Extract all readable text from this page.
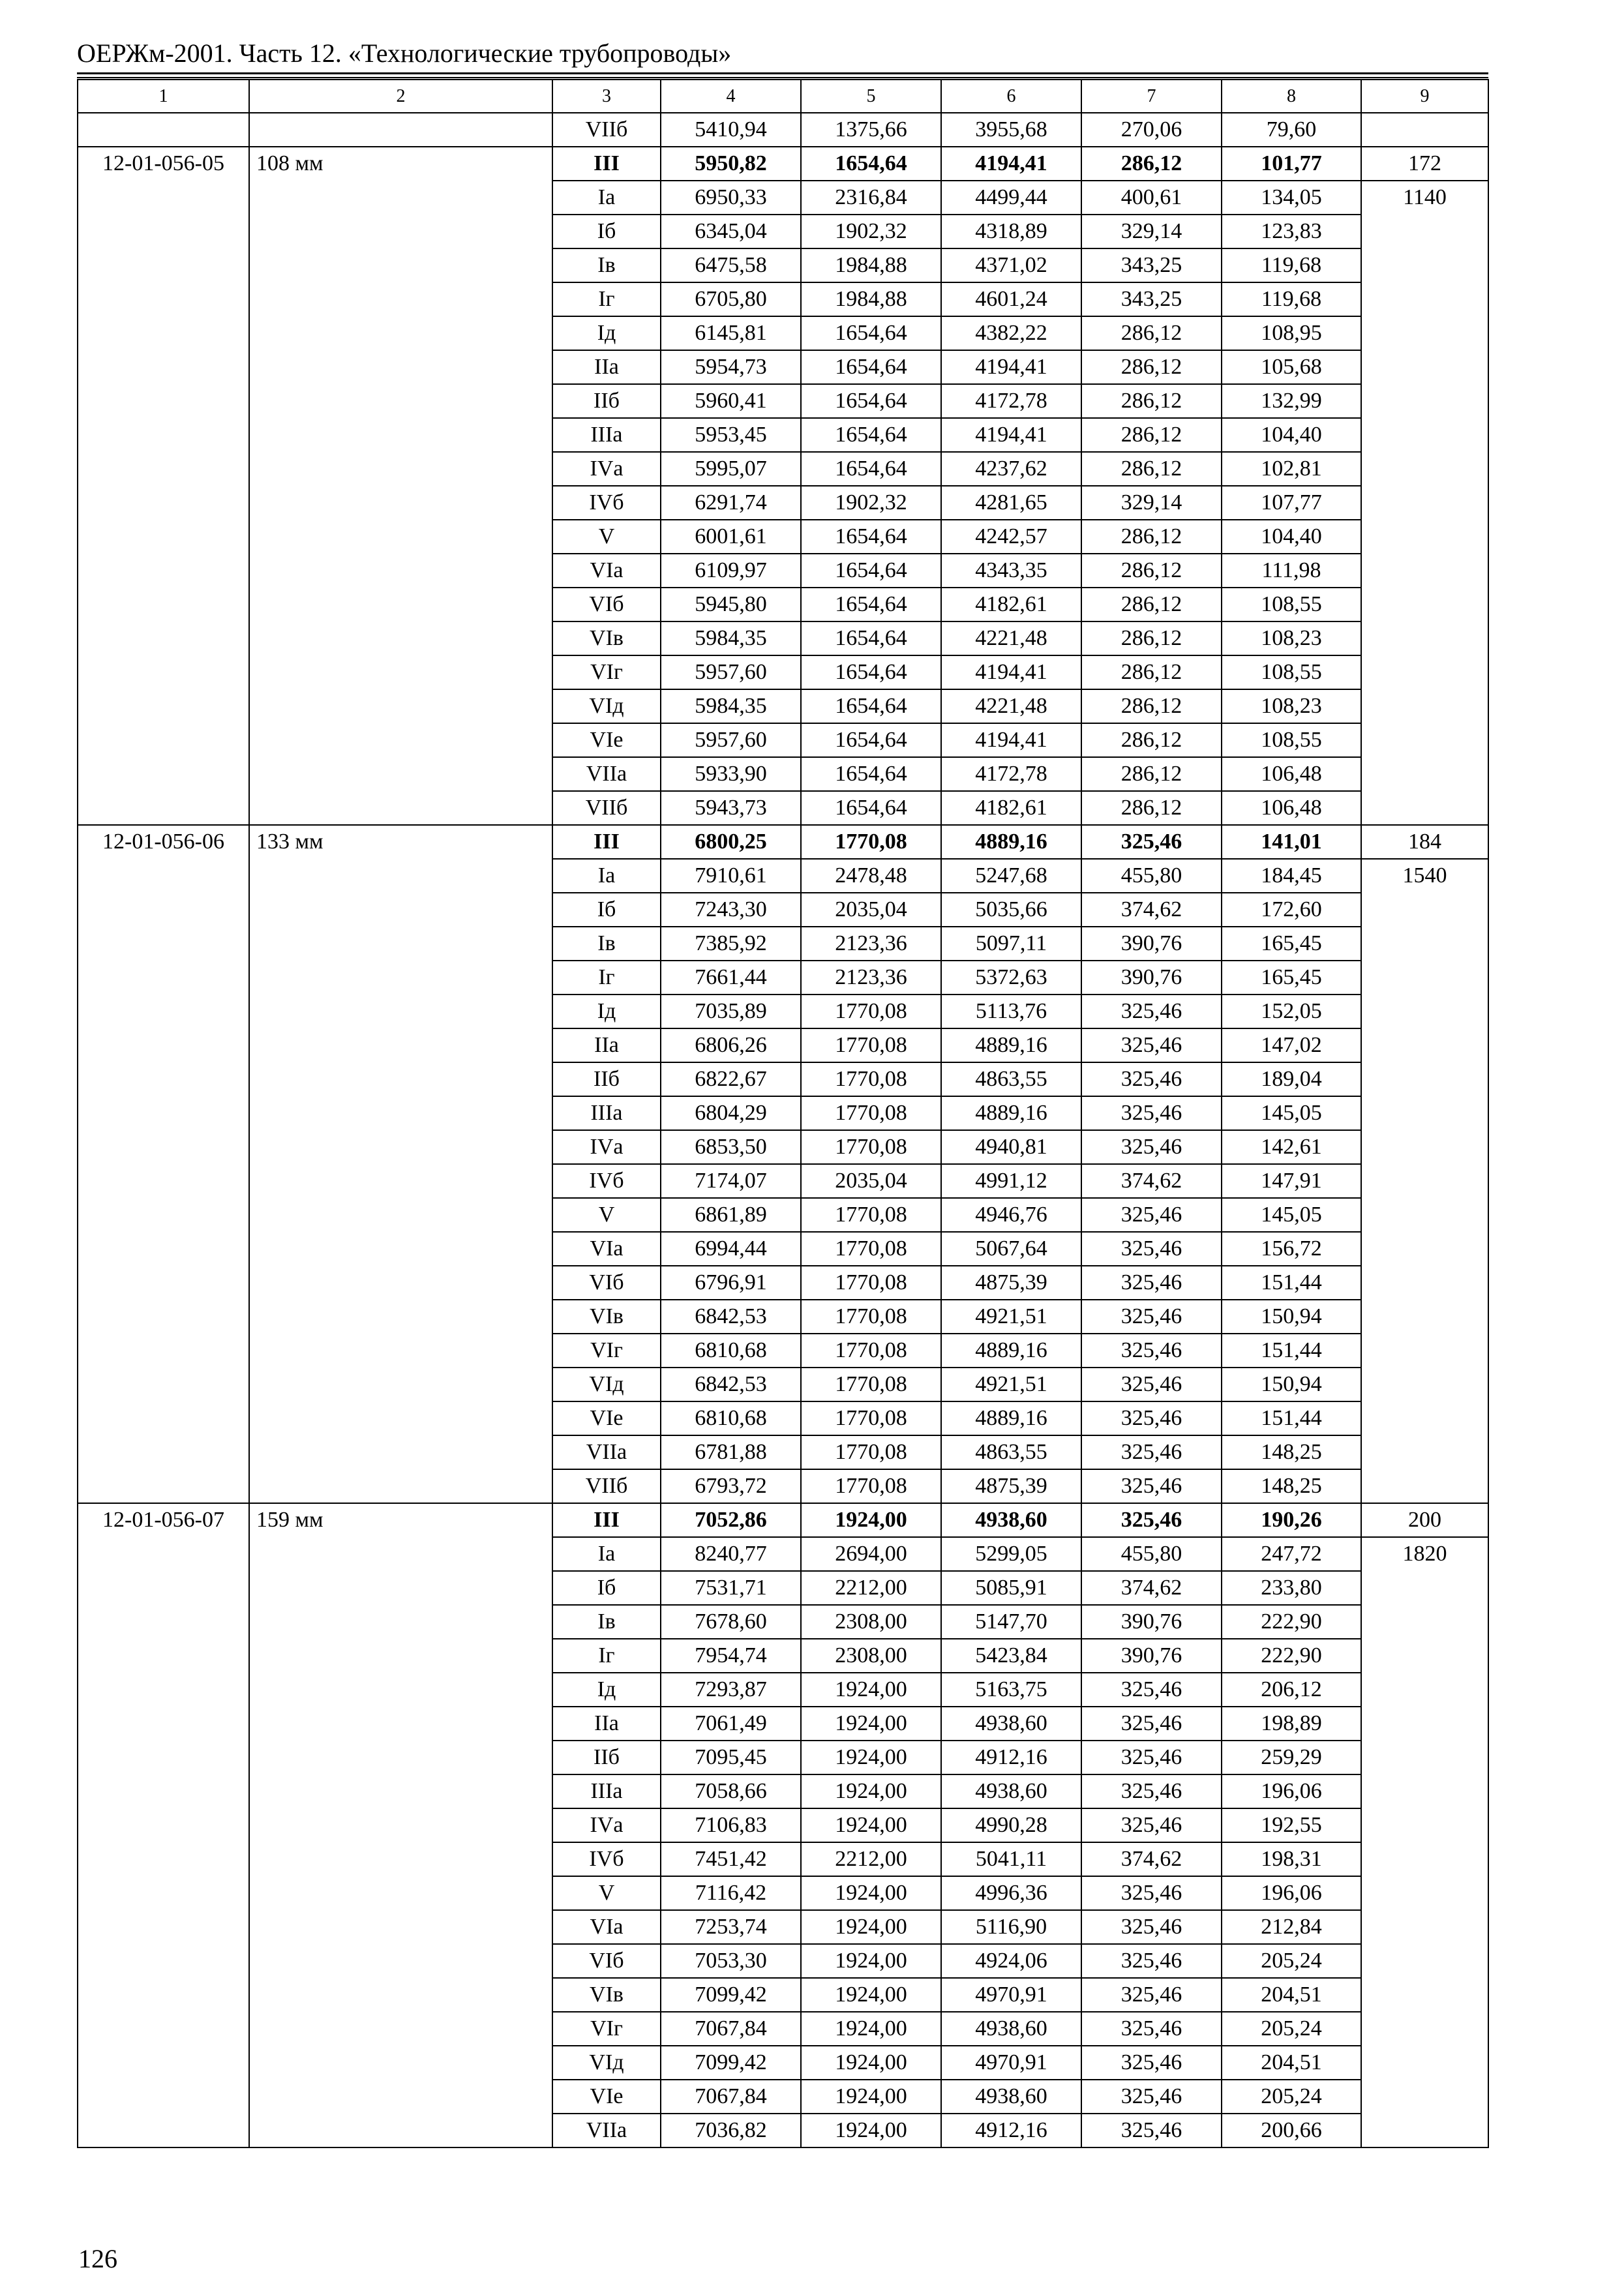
ОЕРЖм-2001. Часть 12. «Технологические трубопроводы»
1	2	3	4	5	6	7	8	9
		VIIб	5410,94	1375,66	3955,68	270,06	79,60	
12-01-056-05	108 мм	III	5950,82	1654,64	4194,41	286,12	101,77	172
		Iа	6950,33	2316,84	4499,44	400,61	134,05	1140
		Iб	6345,04	1902,32	4318,89	329,14	123,83	
		Iв	6475,58	1984,88	4371,02	343,25	119,68	
		Iг	6705,80	1984,88	4601,24	343,25	119,68	
		Iд	6145,81	1654,64	4382,22	286,12	108,95	
		IIа	5954,73	1654,64	4194,41	286,12	105,68	
		IIб	5960,41	1654,64	4172,78	286,12	132,99	
		IIIа	5953,45	1654,64	4194,41	286,12	104,40	
		IVа	5995,07	1654,64	4237,62	286,12	102,81	
		IVб	6291,74	1902,32	4281,65	329,14	107,77	
		V	6001,61	1654,64	4242,57	286,12	104,40	
		VIа	6109,97	1654,64	4343,35	286,12	111,98	
		VIб	5945,80	1654,64	4182,61	286,12	108,55	
		VIв	5984,35	1654,64	4221,48	286,12	108,23	
		VIг	5957,60	1654,64	4194,41	286,12	108,55	
		VIд	5984,35	1654,64	4221,48	286,12	108,23	
		VIе	5957,60	1654,64	4194,41	286,12	108,55	
		VIIа	5933,90	1654,64	4172,78	286,12	106,48	
		VIIб	5943,73	1654,64	4182,61	286,12	106,48	
12-01-056-06	133 мм	III	6800,25	1770,08	4889,16	325,46	141,01	184
		Iа	7910,61	2478,48	5247,68	455,80	184,45	1540
		Iб	7243,30	2035,04	5035,66	374,62	172,60	
		Iв	7385,92	2123,36	5097,11	390,76	165,45	
		Iг	7661,44	2123,36	5372,63	390,76	165,45	
		Iд	7035,89	1770,08	5113,76	325,46	152,05	
		IIа	6806,26	1770,08	4889,16	325,46	147,02	
		IIб	6822,67	1770,08	4863,55	325,46	189,04	
		IIIа	6804,29	1770,08	4889,16	325,46	145,05	
		IVа	6853,50	1770,08	4940,81	325,46	142,61	
		IVб	7174,07	2035,04	4991,12	374,62	147,91	
		V	6861,89	1770,08	4946,76	325,46	145,05	
		VIа	6994,44	1770,08	5067,64	325,46	156,72	
		VIб	6796,91	1770,08	4875,39	325,46	151,44	
		VIв	6842,53	1770,08	4921,51	325,46	150,94	
		VIг	6810,68	1770,08	4889,16	325,46	151,44	
		VIд	6842,53	1770,08	4921,51	325,46	150,94	
		VIе	6810,68	1770,08	4889,16	325,46	151,44	
		VIIа	6781,88	1770,08	4863,55	325,46	148,25	
		VIIб	6793,72	1770,08	4875,39	325,46	148,25	
12-01-056-07	159 мм	III	7052,86	1924,00	4938,60	325,46	190,26	200
		Iа	8240,77	2694,00	5299,05	455,80	247,72	1820
		Iб	7531,71	2212,00	5085,91	374,62	233,80	
		Iв	7678,60	2308,00	5147,70	390,76	222,90	
		Iг	7954,74	2308,00	5423,84	390,76	222,90	
		Iд	7293,87	1924,00	5163,75	325,46	206,12	
		IIа	7061,49	1924,00	4938,60	325,46	198,89	
		IIб	7095,45	1924,00	4912,16	325,46	259,29	
		IIIа	7058,66	1924,00	4938,60	325,46	196,06	
		IVа	7106,83	1924,00	4990,28	325,46	192,55	
		IVб	7451,42	2212,00	5041,11	374,62	198,31	
		V	7116,42	1924,00	4996,36	325,46	196,06	
		VIа	7253,74	1924,00	5116,90	325,46	212,84	
		VIб	7053,30	1924,00	4924,06	325,46	205,24	
		VIв	7099,42	1924,00	4970,91	325,46	204,51	
		VIг	7067,84	1924,00	4938,60	325,46	205,24	
		VIд	7099,42	1924,00	4970,91	325,46	204,51	
		VIе	7067,84	1924,00	4938,60	325,46	205,24	
		VIIа	7036,82	1924,00	4912,16	325,46	200,66	
126
